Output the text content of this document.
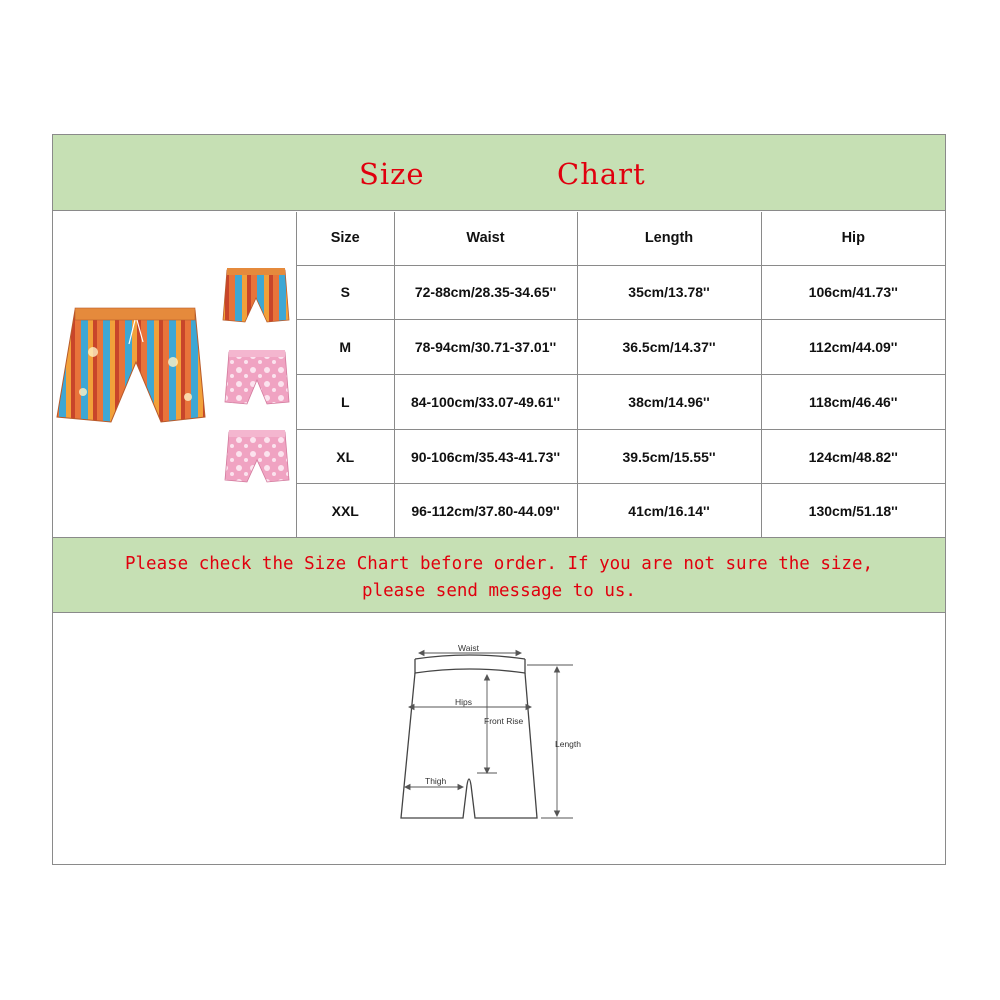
Size	Chart
Size	Waist	Length	Hip
S	72-88cm/28.35-34.65''	35cm/13.78''	106cm/41.73''
M	78-94cm/30.71-37.01''	36.5cm/14.37''	112cm/44.09''
L	84-100cm/33.07-49.61''	38cm/14.96''	118cm/46.46''
XL	90-106cm/35.43-41.73''	39.5cm/15.55''	124cm/48.82''
XXL	96-112cm/37.80-44.09''	41cm/16.14''	130cm/51.18''
Please check the Size Chart before order. If you are not sure the size,
please send message to us.
Waist
Hips
Front Rise
Length
Thigh
